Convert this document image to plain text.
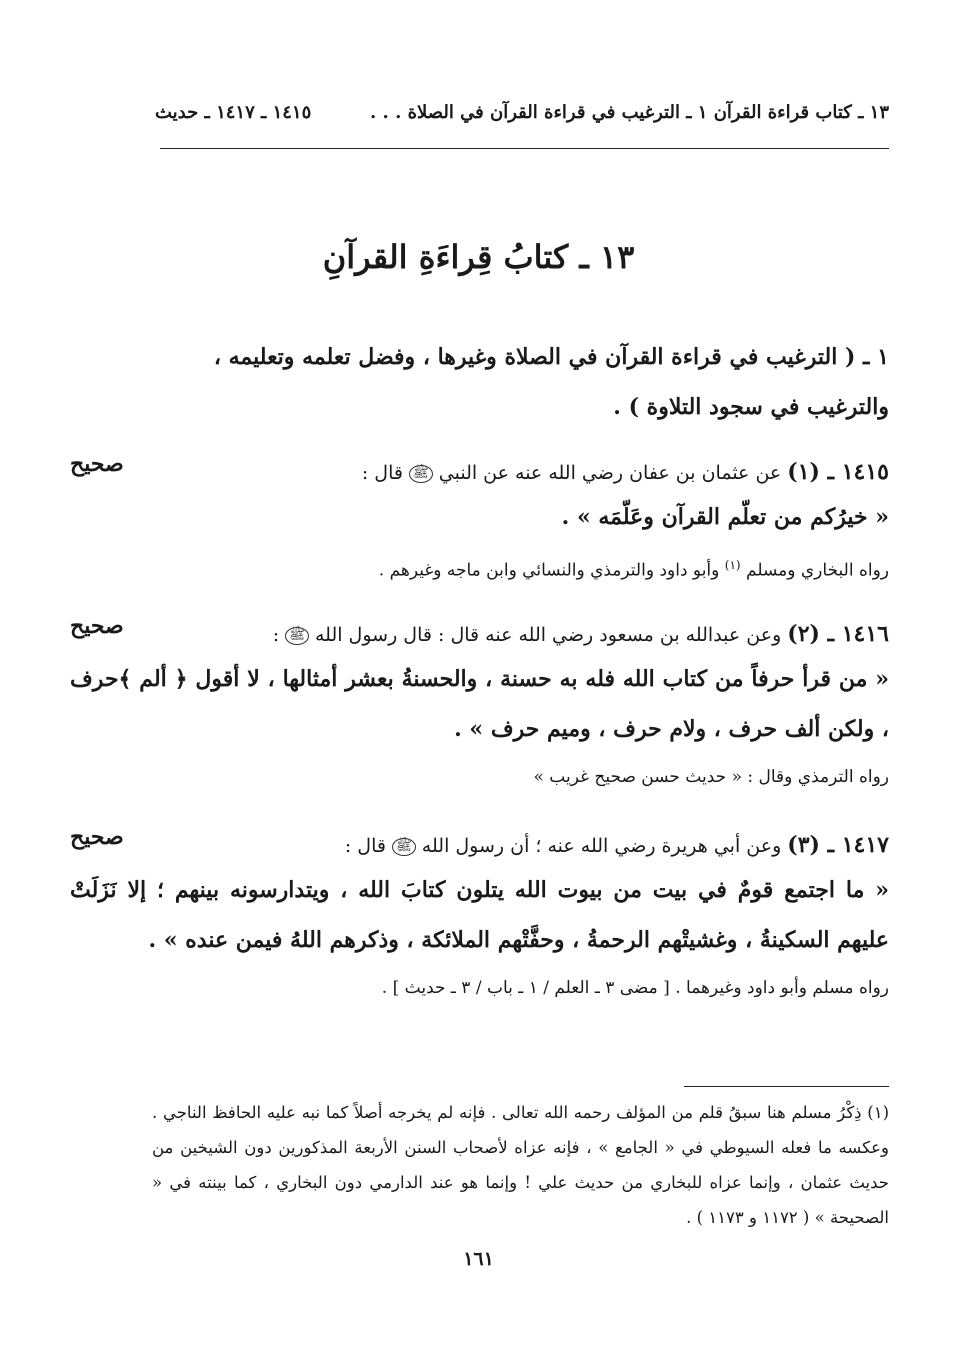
١٣ ـ كتاب قراءة القرآن ١ ـ الترغيب في قراءة القرآن في الصلاة . . .
١٤١٥ ـ ١٤١٧ ـ حديث
١٣ ـ كتابُ قِراءَةِ القرآنِ
١ ـ ( الترغيب في قراءة القرآن في الصلاة وغيرها ، وفضل تعلمه وتعليمه ، والترغيب في سجود التلاوة ) .
صحيح	١٤١٥ ـ (١) عن عثمان بن عفان رضي الله عنه عن النبي ﷺ قال :
« خيرُكم من تعلّم القرآن وعَلّمَه » .
رواه البخاري ومسلم $^{(١)}$ وأبو داود والترمذي والنسائي وابن ماجه وغيرهم .
صحيح	١٤١٦ ـ (٢) وعن عبدالله بن مسعود رضي الله عنه قال : قال رسول الله ﷺ :
« من قرأ حرفاً من كتاب الله فله به حسنة ، والحسنةُ بعشر أمثالها ، لا أقول ﴿ ألم ﴾حرف ، ولكن ألف حرف ، ولام حرف ، وميم حرف » .
رواه الترمذي وقال : « حديث حسن صحيح غريب »
صحيح	١٤١٧ ـ (٣) وعن أبي هريرة رضي الله عنه ؛ أن رسول الله ﷺ قال :
« ما اجتمع قومٌ في بيت من بيوت الله يتلون كتابَ الله ، ويتدارسونه بينهم ؛ إلا نَزَلَتْ عليهم السكينةُ ، وغشيتْهم الرحمةُ ، وحفَّتْهم الملائكة ، وذكرهم اللهُ فيمن عنده » .
رواه مسلم وأبو داود وغيرهما . [ مضى ٣ ـ العلم / ١ ـ باب / ٣ ـ حديث ] .
(١) ذِكْرُ مسلم هنا سبقُ قلم من المؤلف رحمه الله تعالى . فإنه لم يخرجه أصلاً كما نبه عليه الحافظ الناجي . وعكسه ما فعله السيوطي في « الجامع » ، فإنه عزاه لأصحاب السنن الأربعة المذكورين دون الشيخين من حديث عثمان ، وإنما عزاه للبخاري من حديث علي ! وإنما هو عند الدارمي دون البخاري ، كما بينته في « الصحيحة » ( ١١٧٢ و ١١٧٣ ) .
١٦١
